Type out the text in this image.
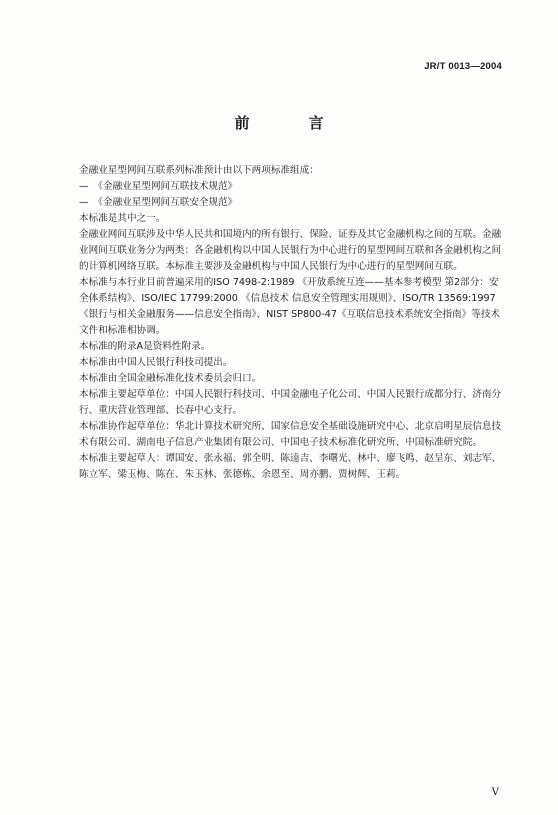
JR/T 0013—2004
前　言

金融业星型网间互联系列标准预计由以下两项标准组成：

—　《金融业星型网间互联技术规范》

—　《金融业星型网间互联安全规范》

本标准是其中之一。

金融业网间互联涉及中华人民共和国境内的所有银行、保险、证券及其它金融机构之间的互联。金融业网间互联业务分为两类：各金融机构以中国人民银行为中心进行的星型网间互联和各金融机构之间的计算机网络互联。本标准主要涉及金融机构与中国人民银行为中心进行的星型网间互联。

本标准与本行业目前普遍采用的ISO 7498-2:1989 《开放系统互连——基本参考模型 第2部分：安全体系结构》、ISO/IEC 17799:2000 《信息技术 信息安全管理实用规则》、ISO/TR 13569:1997 《银行与相关金融服务——信息安全指南》、NIST SP800-47《互联信息技术系统安全指南》等技术文件和标准相协调。

本标准的附录A是资料性附录。

本标准由中国人民银行科技司提出。

本标准由全国金融标准化技术委员会归口。

本标准主要起草单位：中国人民银行科技司、中国金融电子化公司、中国人民银行成都分行、济南分行、重庆营业管理部、长春中心支行。

本标准协作起草单位：华北计算技术研究所、国家信息安全基础设施研究中心、北京启明星辰信息技术有限公司、湖南电子信息产业集团有限公司、中国电子技术标准化研究所、中国标准研究院。

本标准主要起草人：谭国安、张永福、郭全明、陈逵吉、李曙光、林中、廖飞鸣、赵呈东、刘志军、陈立军、梁玉梅、陈在、朱玉林、张德栋、余恩至、周亦鹏、贾树辉、王莉。

V
